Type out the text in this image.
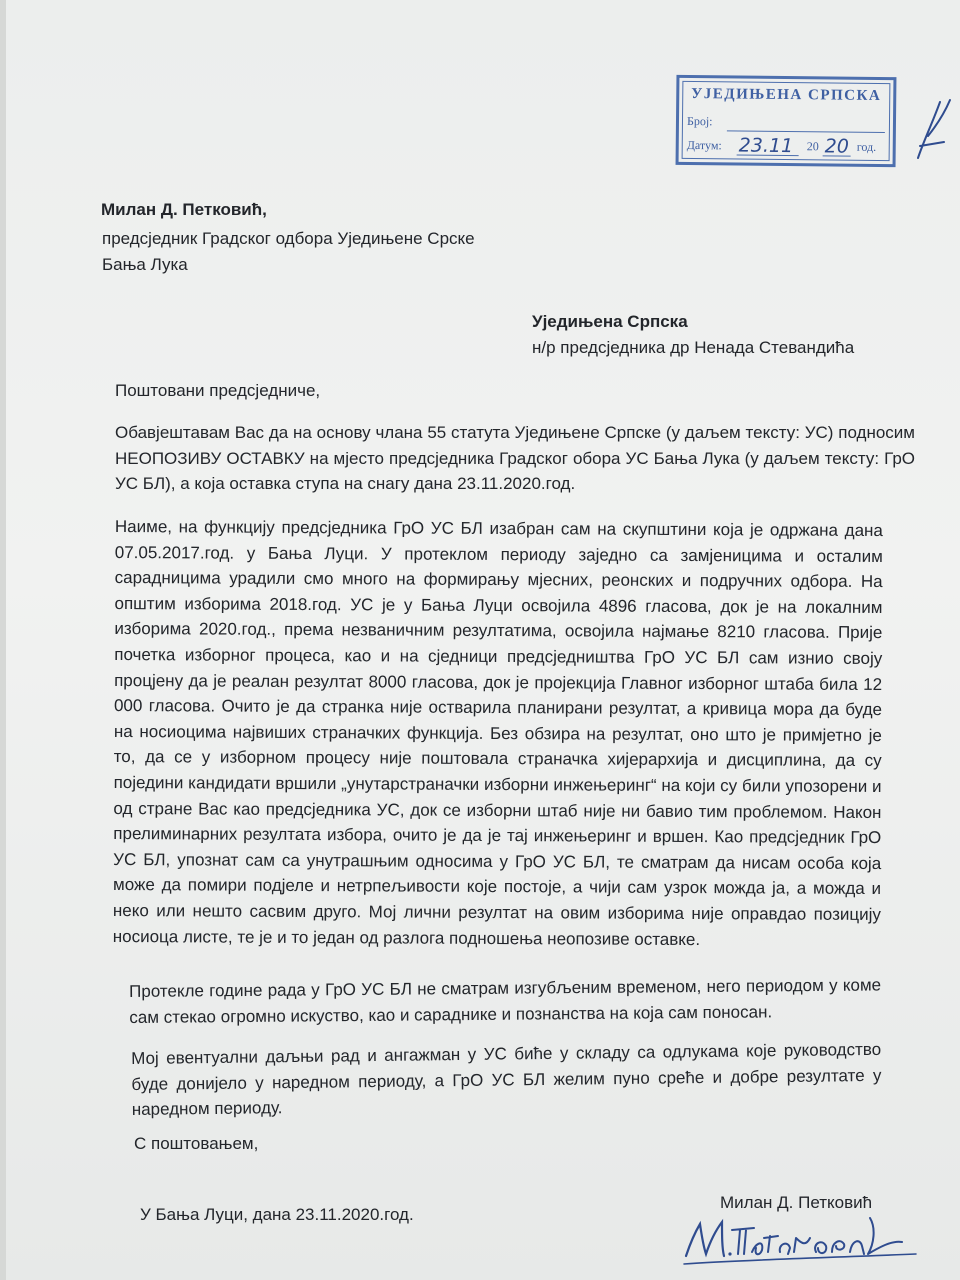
УЈЕДИЊЕНА СРПСКА
Број:
Датум: 23.11 20 20 год.
Милан Д. Петковић,
предсједник Градског одбора Уједињене Срске
Бања Лука
Уједињена Српска
н/р предсједника др Ненада Стевандића
Поштовани предсједниче,
Обавјештавам Вас да на основу члана 55 статута Уједињене Српске (у даљем тексту: УС) подносим НЕОПОЗИВУ ОСТАВКУ на мјесто предсједника Градског обора УС Бања Лука (у даљем тексту: ГрО УС БЛ), а која оставка ступа на снагу дана 23.11.2020.год.
Наиме, на функцију предсједника ГрО УС БЛ изабран сам на скупштини која је одржана дана 07.05.2017.год. у Бања Луци. У протеклом периоду заједно са замјеницима и осталим сарадницима урадили смо много на формирању мјесних, реонских и подручних одбора. На општим изборима 2018.год. УС је у Бања Луци освојила 4896 гласова, док је на локалним изборима 2020.год., према незваничним резултатима, освојила најмање 8210 гласова. Прије почетка изборног процеса, као и на сједници предсједништва ГрО УС БЛ сам изнио своју процјену да је реалан резултат 8000 гласова, док је пројекција Главног изборног штаба била 12 000 гласова. Очито је да странка није остварила планирани резултат, а кривица мора да буде на носиоцима највиших страначких функција. Без обзира на резултат, оно што је примјетно је то, да се у изборном процесу није поштовала страначка хијерархија и дисциплина, да су поједини кандидати вршили „унутарстраначки изборни инжењеринг“ на који су били упозорени и од стране Вас као предсједника УС, док се изборни штаб није ни бавио тим проблемом. Након прелиминарних резултата избора, очито је да је тај инжењеринг и вршен. Као предсједник ГрО УС БЛ, упознат сам са унутрашњим односима у ГрО УС БЛ, те сматрам да нисам особа која може да помири подјеле и нетрпељивости које постоје, а чији сам узрок можда ја, а можда и неко или нешто сасвим друго. Мој лични резултат на овим изборима није оправдао позицију носиоца листе, те је и то један од разлога подношења неопозиве оставке.
Протекле године рада у ГрО УС БЛ не сматрам изгубљеним временом, него периодом у коме сам стекао огромно искуство, као и сараднике и познанства на која сам поносан.
Мој евентуални даљњи рад и ангажман у УС биће у складу са одлукама које руководство буде донијело у наредном периоду, а ГрО УС БЛ желим пуно среће и добре резултате у наредном периоду.
С поштовањем,
У Бања Луци, дана 23.11.2020.год.
Милан Д. Петковић
